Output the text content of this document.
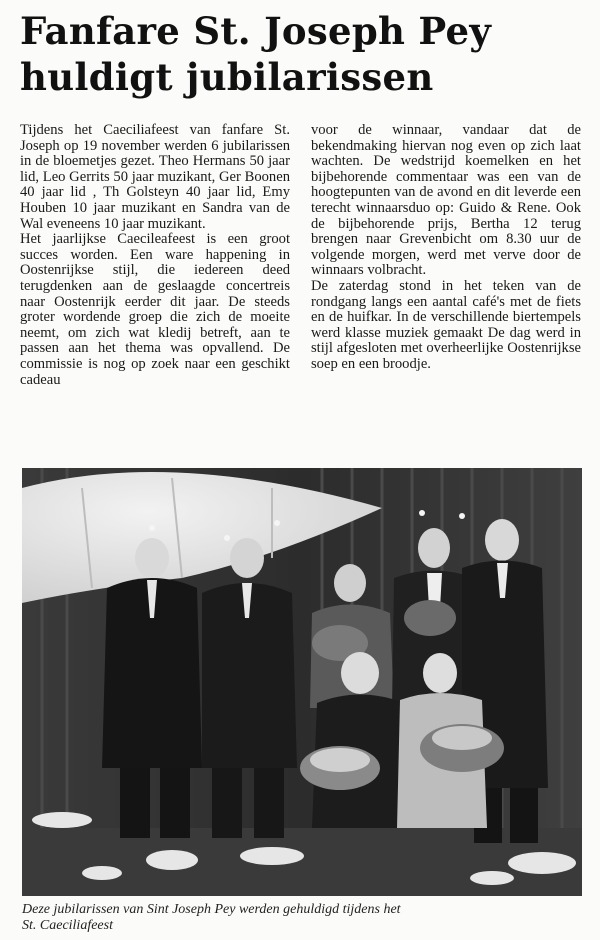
Fanfare St. Joseph Pey
huldigt jubilarissen

Tijdens het Caeciliafeest van fanfare St. Joseph op 19 november werden 6 jubilarissen in de bloemetjes gezet. Theo Hermans 50 jaar lid, Leo Gerrits 50 jaar muzikant, Ger Boonen 40 jaar lid , Th Golsteyn 40 jaar lid, Emy Houben 10 jaar muzikant en Sandra van de Wal eveneens 10 jaar muzikant.

Het jaarlijkse Caecileafeest is een groot succes worden. Een ware happening in Oostenrijkse stijl, die iedereen deed terugdenken aan de geslaagde concertreis naar Oostenrijk eerder dit jaar. De steeds groter wordende groep die zich de moeite neemt, om zich wat kledij betreft, aan te passen aan het thema was opvallend. De commissie is nog op zoek naar een geschikt cadeau

voor de winnaar, vandaar dat de bekendmaking hiervan nog even op zich laat wachten. De wedstrijd koemelken en het bijbehorende commentaar was een van de hoogtepunten van de avond en dit leverde een terecht winnaarsduo op: Guido & Rene. Ook de bijbehorende prijs, Bertha 12 terug brengen naar Grevenbicht om 8.30 uur de volgende morgen, werd met verve door de winnaars volbracht.

De zaterdag stond in het teken van de rondgang langs een aantal café's met de fiets en de huifkar. In de verschillende biertempels werd klasse muziek gemaakt De dag werd in stijl afgesloten met overheerlijke Oostenrijkse soep en een broodje.

Deze jubilarissen van Sint Joseph Pey werden gehuldigd tijdens het
St. Caeciliafeest
